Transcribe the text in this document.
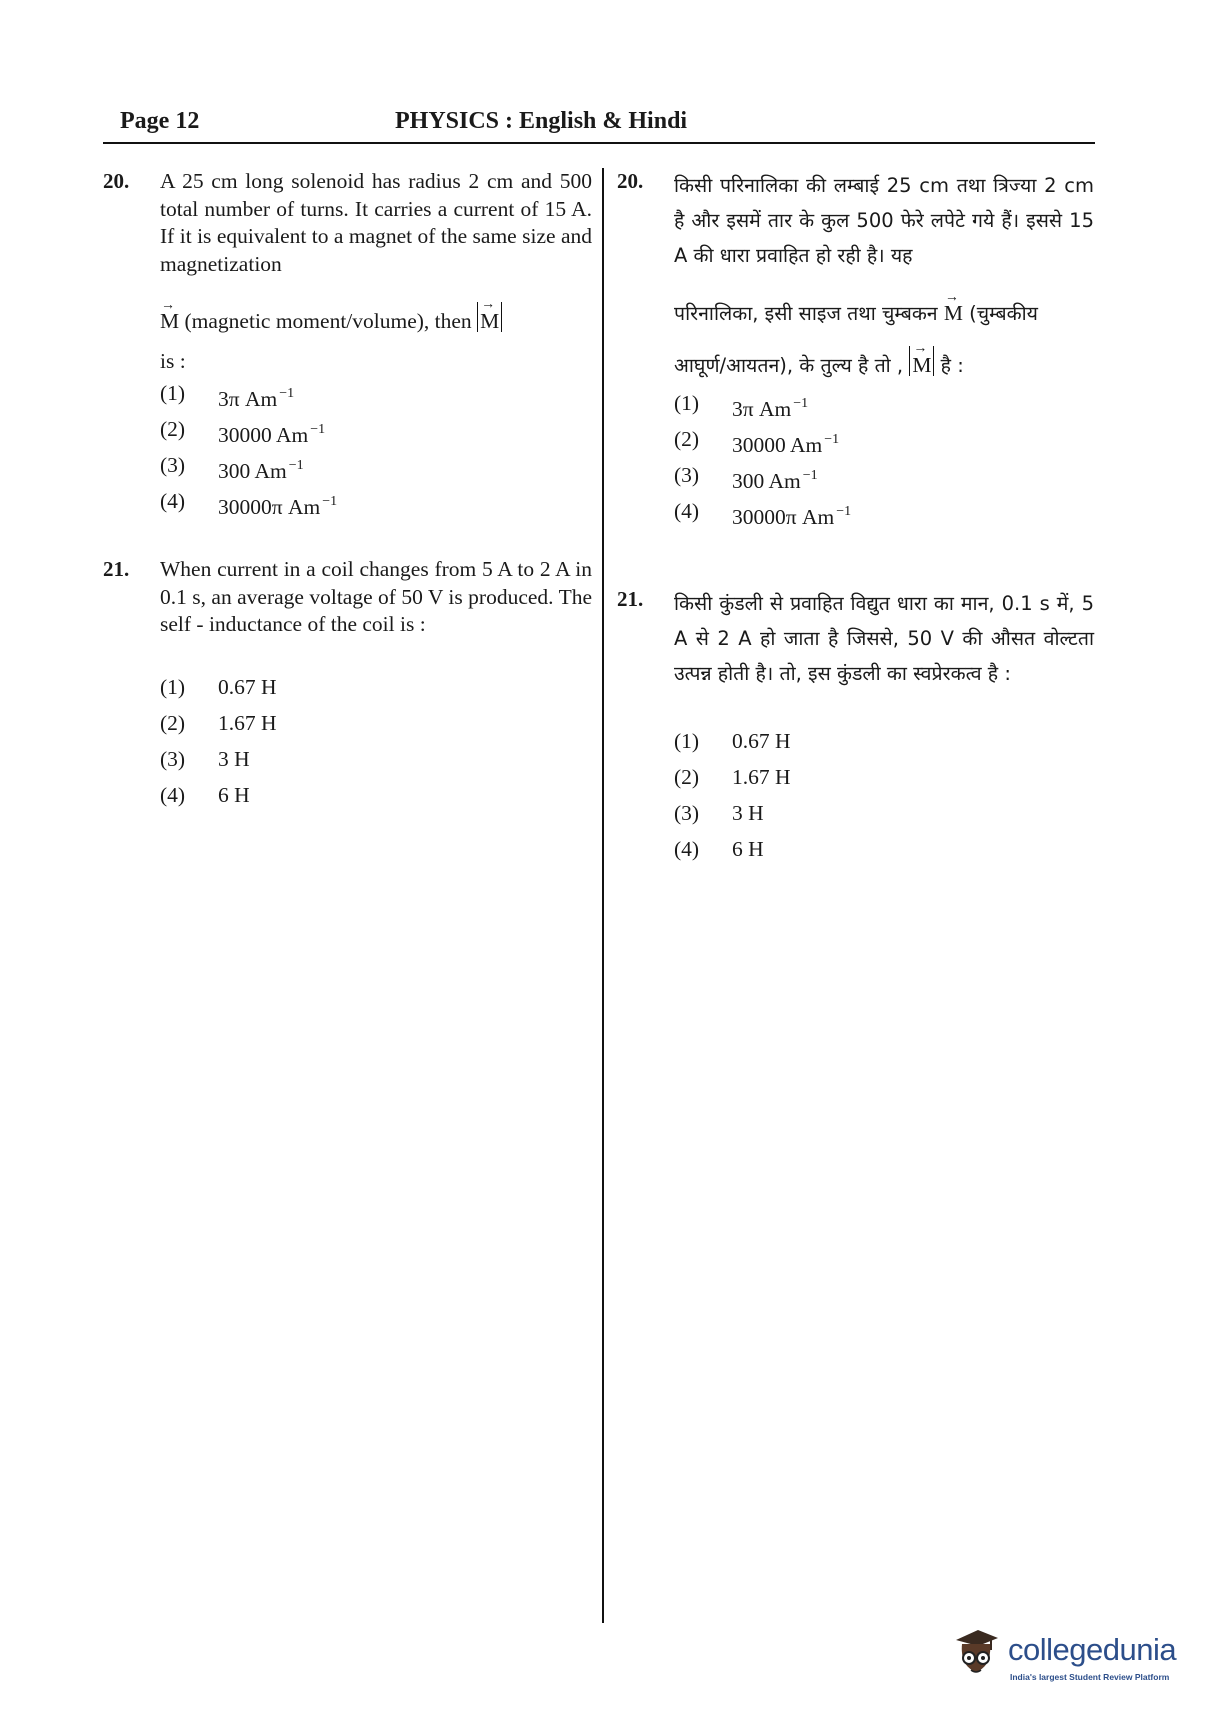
Page 12	PHYSICS : English & Hindi
20. A 25 cm long solenoid has radius 2 cm and 500 total number of turns. It carries a current of 15 A. If it is equivalent to a magnet of the same size and magnetization
→
M (magnetic moment/volume), then
→
M
is :
(1) 3π Am $^{-1}$
(2) 30000 Am $^{-1}$
(3) 300 Am $^{-1}$
(4) 30000π Am $^{-1}$
21. When current in a coil changes from 5 A to 2 A in 0.1 s, an average voltage of 50 V is produced. The self - inductance of the coil is :
(1) 0.67 H
(2) 1.67 H
(3) 3 H
(4) 6 H
20. किसी परिनालिका की लम्बाई 25 cm तथा त्रिज्या 2 cm है और इसमें तार के कुल 500 फेरे लपेटे गये हैं। इससे 15 A की धारा प्रवाहित हो रही है। यह
परिनालिका, इसी साइज तथा चुम्बकन
→
M (चुम्बकीय
आघूर्ण/आयतन), के तुल्य है तो ,
→
M है :
(1) 3π Am $^{-1}$
(2) 30000 Am $^{-1}$
(3) 300 Am $^{-1}$
(4) 30000π Am $^{-1}$
21. किसी कुंडली से प्रवाहित विद्युत धारा का मान, 0.1 s में, 5 A से 2 A हो जाता है जिससे, 50 V की औसत वोल्टता उत्पन्न होती है। तो, इस कुंडली का स्वप्रेरकत्व है :
(1) 0.67 H
(2) 1.67 H
(3) 3 H
(4) 6 H
collegedunia
India's largest Student Review Platform
